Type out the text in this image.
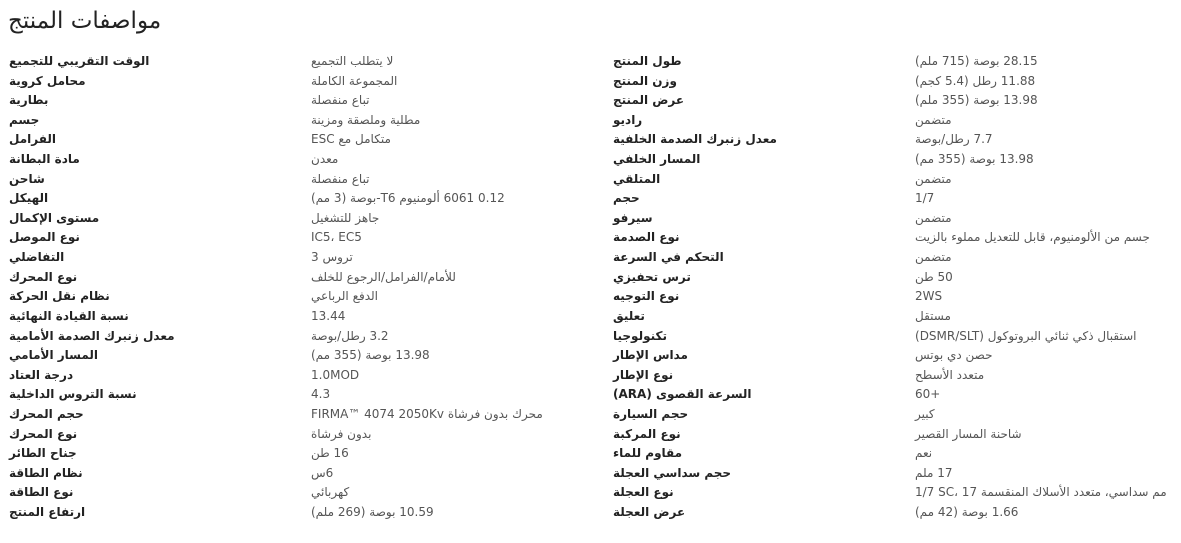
مواصفات المنتج
الوقت التقريبي للتجميع	لا يتطلب التجميع
محامل كروية	المجموعة الكاملة
بطارية	تباع منفصلة
جسم	مطلية وملصقة ومزينة
الفرامل	ESC متكامل مع
مادة البطانة	معدن
شاحن	تباع منفصلة
الهيكل	0.12 6061 ألومنيوم T6-بوصة (3 مم)
مستوى الإكمال	جاهز للتشغيل
نوع الموصل	IC5، EC5
التفاضلي	تروس 3
نوع المحرك	للأمام/الفرامل/الرجوع للخلف
نظام نقل الحركة	الدفع الرباعي
نسبة القيادة النهائية	13.44
معدل زنبرك الصدمة الأمامية	3.2 رطل/بوصة
المسار الأمامي	13.98 بوصة (355 مم)
درجة العتاد	1.0MOD
نسبة التروس الداخلية	4.3
حجم المحرك	FIRMA™ 4074 2050Kv محرك بدون فرشاة
نوع المحرك	بدون فرشاة
جناح الطائر	16 طن
نظام الطاقة	6س
نوع الطاقة	كهربائي
ارتفاع المنتج	10.59 بوصة (269 ملم)
طول المنتج	28.15 بوصة (715 ملم)
وزن المنتج	11.88 رطل (5.4 كجم)
عرض المنتج	13.98 بوصة (355 ملم)
راديو	متضمن
معدل زنبرك الصدمة الخلفية	7.7 رطل/بوصة
المسار الخلفي	13.98 بوصة (355 مم)
المتلقي	متضمن
حجم	1/7
سيرفو	متضمن
نوع الصدمة	جسم من الألومنيوم، قابل للتعديل مملوء بالزيت
التحكم في السرعة	متضمن
ترس تحفيزي	50 طن
نوع التوجيه	2WS
تعليق	مستقل
تكنولوجيا	استقبال ذكي ثنائي البروتوكول (DSMR/SLT)
مداس الإطار	حصن دي بوتس
نوع الإطار	متعدد الأسطح
السرعة القصوى (ARA)	60+
حجم السيارة	كبير
نوع المركبة	شاحنة المسار القصير
مقاوم للماء	نعم
حجم سداسي العجلة	17 ملم
نوع العجلة	1/7 SC، 17 مم سداسي، متعدد الأسلاك المنقسمة
عرض العجلة	1.66 بوصة (42 مم)
